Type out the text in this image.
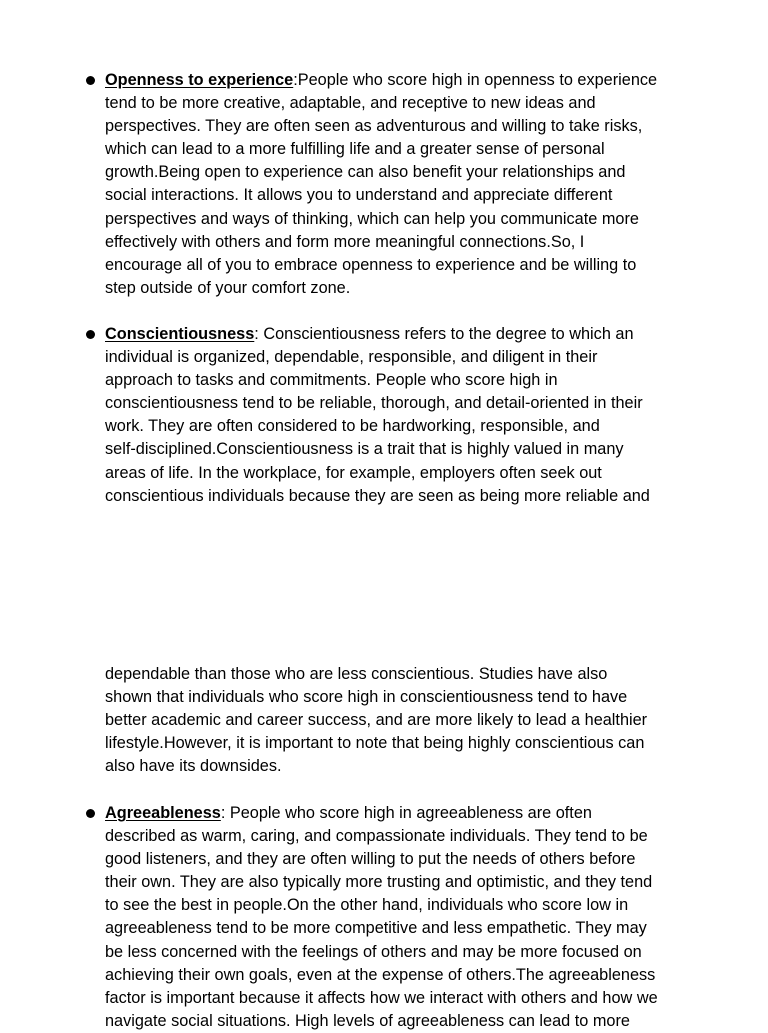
Openness to experience:People who score high in openness to experience
tend to be more creative, adaptable, and receptive to new ideas and
perspectives. They are often seen as adventurous and willing to take risks,
which can lead to a more fulfilling life and a greater sense of personal
growth.Being open to experience can also benefit your relationships and
social interactions. It allows you to understand and appreciate different
perspectives and ways of thinking, which can help you communicate more
effectively with others and form more meaningful connections.So, I
encourage all of you to embrace openness to experience and be willing to
step outside of your comfort zone.
Conscientiousness: Conscientiousness refers to the degree to which an
individual is organized, dependable, responsible, and diligent in their
approach to tasks and commitments. People who score high in
conscientiousness tend to be reliable, thorough, and detail-oriented in their
work. They are often considered to be hardworking, responsible, and
self-disciplined.Conscientiousness is a trait that is highly valued in many
areas of life. In the workplace, for example, employers often seek out
conscientious individuals because they are seen as being more reliable and
dependable than those who are less conscientious. Studies have also
shown that individuals who score high in conscientiousness tend to have
better academic and career success, and are more likely to lead a healthier
lifestyle.However, it is important to note that being highly conscientious can
also have its downsides.
Agreeableness: People who score high in agreeableness are often
described as warm, caring, and compassionate individuals. They tend to be
good listeners, and they are often willing to put the needs of others before
their own. They are also typically more trusting and optimistic, and they tend
to see the best in people.On the other hand, individuals who score low in
agreeableness tend to be more competitive and less empathetic. They may
be less concerned with the feelings of others and may be more focused on
achieving their own goals, even at the expense of others.The agreeableness
factor is important because it affects how we interact with others and how we
navigate social situations. High levels of agreeableness can lead to more
